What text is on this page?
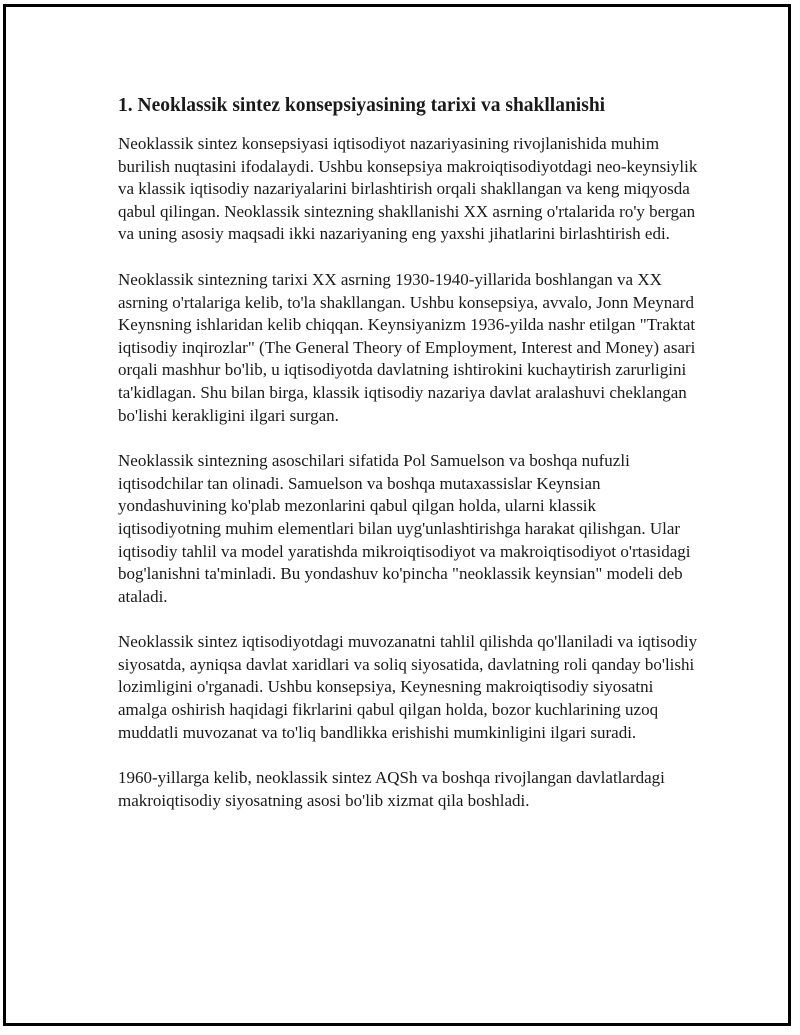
1. Neoklassik sintez konsepsiyasining tarixi va shakllanishi

Neoklassik sintez konsepsiyasi iqtisodiyot nazariyasining rivojlanishida muhim burilish nuqtasini ifodalaydi. Ushbu konsepsiya makroiqtisodiyotdagi neo-keynsiylik va klassik iqtisodiy nazariyalarini birlashtirish orqali shakllangan va keng miqyosda qabul qilingan. Neoklassik sintezning shakllanishi XX asrning o'rtalarida ro'y bergan va uning asosiy maqsadi ikki nazariyaning eng yaxshi jihatlarini birlashtirish edi.

Neoklassik sintezning tarixi XX asrning 1930-1940-yillarida boshlangan va XX asrning o'rtalariga kelib, to'la shakllangan. Ushbu konsepsiya, avvalo, Jonn Meynard Keynsning ishlaridan kelib chiqqan. Keynsiyanizm 1936-yilda nashr etilgan "Traktat iqtisodiy inqirozlar" (The General Theory of Employment, Interest and Money) asari orqali mashhur bo'lib, u iqtisodiyotda davlatning ishtirokini kuchaytirish zarurligini ta'kidlagan. Shu bilan birga, klassik iqtisodiy nazariya davlat aralashuvi cheklangan bo'lishi kerakligini ilgari surgan.

Neoklassik sintezning asoschilari sifatida Pol Samuelson va boshqa nufuzli iqtisodchilar tan olinadi. Samuelson va boshqa mutaxassislar Keynsian yondashuvining ko'plab mezonlarini qabul qilgan holda, ularni klassik iqtisodiyotning muhim elementlari bilan uyg'unlashtirishga harakat qilishgan. Ular iqtisodiy tahlil va model yaratishda mikroiqtisodiyot va makroiqtisodiyot o'rtasidagi bog'lanishni ta'minladi. Bu yondashuv ko'pincha "neoklassik keynsian" modeli deb ataladi.

Neoklassik sintez iqtisodiyotdagi muvozanatni tahlil qilishda qo'llaniladi va iqtisodiy siyosatda, ayniqsa davlat xaridlari va soliq siyosatida, davlatning roli qanday bo'lishi lozimligini o'rganadi. Ushbu konsepsiya, Keynesning makroiqtisodiy siyosatni amalga oshirish haqidagi fikrlarini qabul qilgan holda, bozor kuchlarining uzoq muddatli muvozanat va to'liq bandlikka erishishi mumkinligini ilgari suradi.

1960-yillarga kelib, neoklassik sintez AQSh va boshqa rivojlangan davlatlardagi makroiqtisodiy siyosatning asosi bo'lib xizmat qila boshladi.
